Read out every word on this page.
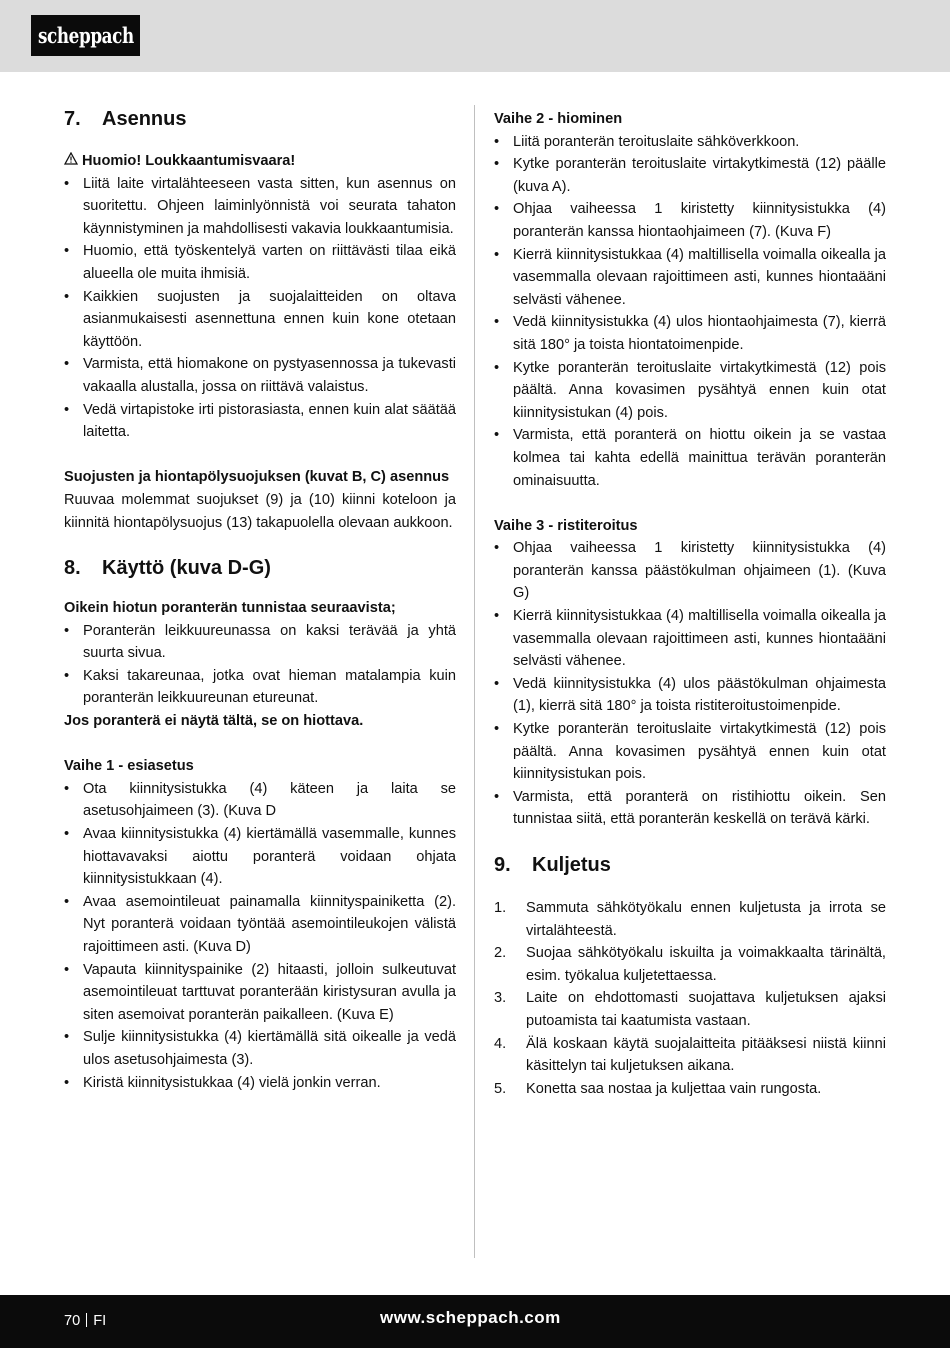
scheppach
7.	Asennus

Huomio! Loukkaantumisvaara!

• Liitä laite virtalähteeseen vasta sitten, kun asennus on suoritettu. Ohjeen laiminlyönnistä voi seurata tahaton käynnistyminen ja mahdollisesti vakavia loukkaantumisia.
• Huomio, että työskentelyä varten on riittävästi tilaa eikä alueella ole muita ihmisiä.
• Kaikkien suojusten ja suojalaitteiden on oltava asianmukaisesti asennettuna ennen kuin kone otetaan käyttöön.
• Varmista, että hiomakone on pystyasennossa ja tukevasti vakaalla alustalla, jossa on riittävä valaistus.
• Vedä virtapistoke irti pistorasiasta, ennen kuin alat säätää laitetta.

Suojusten ja hiontapölysuojuksen (kuvat B, C) asennus

Ruuvaa molemmat suojukset (9) ja (10) kiinni koteloon ja kiinnitä hiontapölysuojus (13) takapuolella olevaan aukkoon.

8.	Käyttö (kuva D-G)

Oikein hiotun poranterän tunnistaa seuraavista;

• Poranterän leikkuureunassa on kaksi terävää ja yhtä suurta sivua.
• Kaksi takareunaa, jotka ovat hieman matalampia kuin poranterän leikkuureunan etureunat.

Jos poranterä ei näytä tältä, se on hiottava.

Vaihe 1 - esiasetus

• Ota kiinnitysistukka (4) käteen ja laita se asetusohjaimeen (3). (Kuva D
• Avaa kiinnitysistukka (4) kiertämällä vasemmalle, kunnes hiottavavaksi aiottu poranterä voidaan ohjata kiinnitysistukkaan (4).
• Avaa asemointileuat painamalla kiinnityspainiketta (2). Nyt poranterä voidaan työntää asemointileukojen välistä rajoittimeen asti. (Kuva D)
• Vapauta kiinnityspainike (2) hitaasti, jolloin sulkeutuvat asemointileuat tarttuvat poranterään kiristysuran avulla ja siten asemoivat poranterän paikalleen. (Kuva E)
• Sulje kiinnitysistukka (4) kiertämällä sitä oikealle ja vedä ulos asetusohjaimesta (3).
• Kiristä kiinnitysistukkaa (4) vielä jonkin verran.

Vaihe 2 - hiominen

• Liitä poranterän teroituslaite sähköverkkoon.
• Kytke poranterän teroituslaite virtakytkimestä (12) päälle (kuva A).
• Ohjaa vaiheessa 1 kiristetty kiinnitysistukka (4) poranterän kanssa hiontaohjaimeen (7). (Kuva F)
• Kierrä kiinnitysistukkaa (4) maltillisella voimalla oikealla ja vasemmalla olevaan rajoittimeen asti, kunnes hiontaääni selvästi vähenee.
• Vedä kiinnitysistukka (4) ulos hiontaohjaimesta (7), kierrä sitä 180° ja toista hiontatoimenpide.
• Kytke poranterän teroituslaite virtakytkimestä (12) pois päältä. Anna kovasimen pysähtyä ennen kuin otat kiinnitysistukan (4) pois.
• Varmista, että poranterä on hiottu oikein ja se vastaa kolmea tai kahta edellä mainittua terävän poranterän ominaisuutta.

Vaihe 3 - ristiteroitus

• Ohjaa vaiheessa 1 kiristetty kiinnitysistukka (4) poranterän kanssa päästökulman ohjaimeen (1). (Kuva G)
• Kierrä kiinnitysistukkaa (4) maltillisella voimalla oikealla ja vasemmalla olevaan rajoittimeen asti, kunnes hiontaääni selvästi vähenee.
• Vedä kiinnitysistukka (4) ulos päästökulman ohjaimesta (1), kierrä sitä 180° ja toista ristiteroitustoimenpide.
• Kytke poranterän teroituslaite virtakytkimestä (12) pois päältä. Anna kovasimen pysähtyä ennen kuin otat kiinnitysistukan pois.
• Varmista, että poranterä on ristihiottu oikein. Sen tunnistaa siitä, että poranterän keskellä on terävä kärki.
9.	Kuljetus
1.	Sammuta sähkötyökalu ennen kuljetusta ja irrota se virtalähteestä.
2.	Suojaa sähkötyökalu iskuilta ja voimakkaalta tärinältä, esim. työkalua kuljetettaessa.
3.	Laite on ehdottomasti suojattava kuljetuksen ajaksi putoamista tai kaatumista vastaan.
4.	Älä koskaan käytä suojalaitteita pitääksesi niistä kiinni käsittelyn tai kuljetuksen aikana.
5.	Konetta saa nostaa ja kuljettaa vain rungosta.
70 FI	www.scheppach.com
